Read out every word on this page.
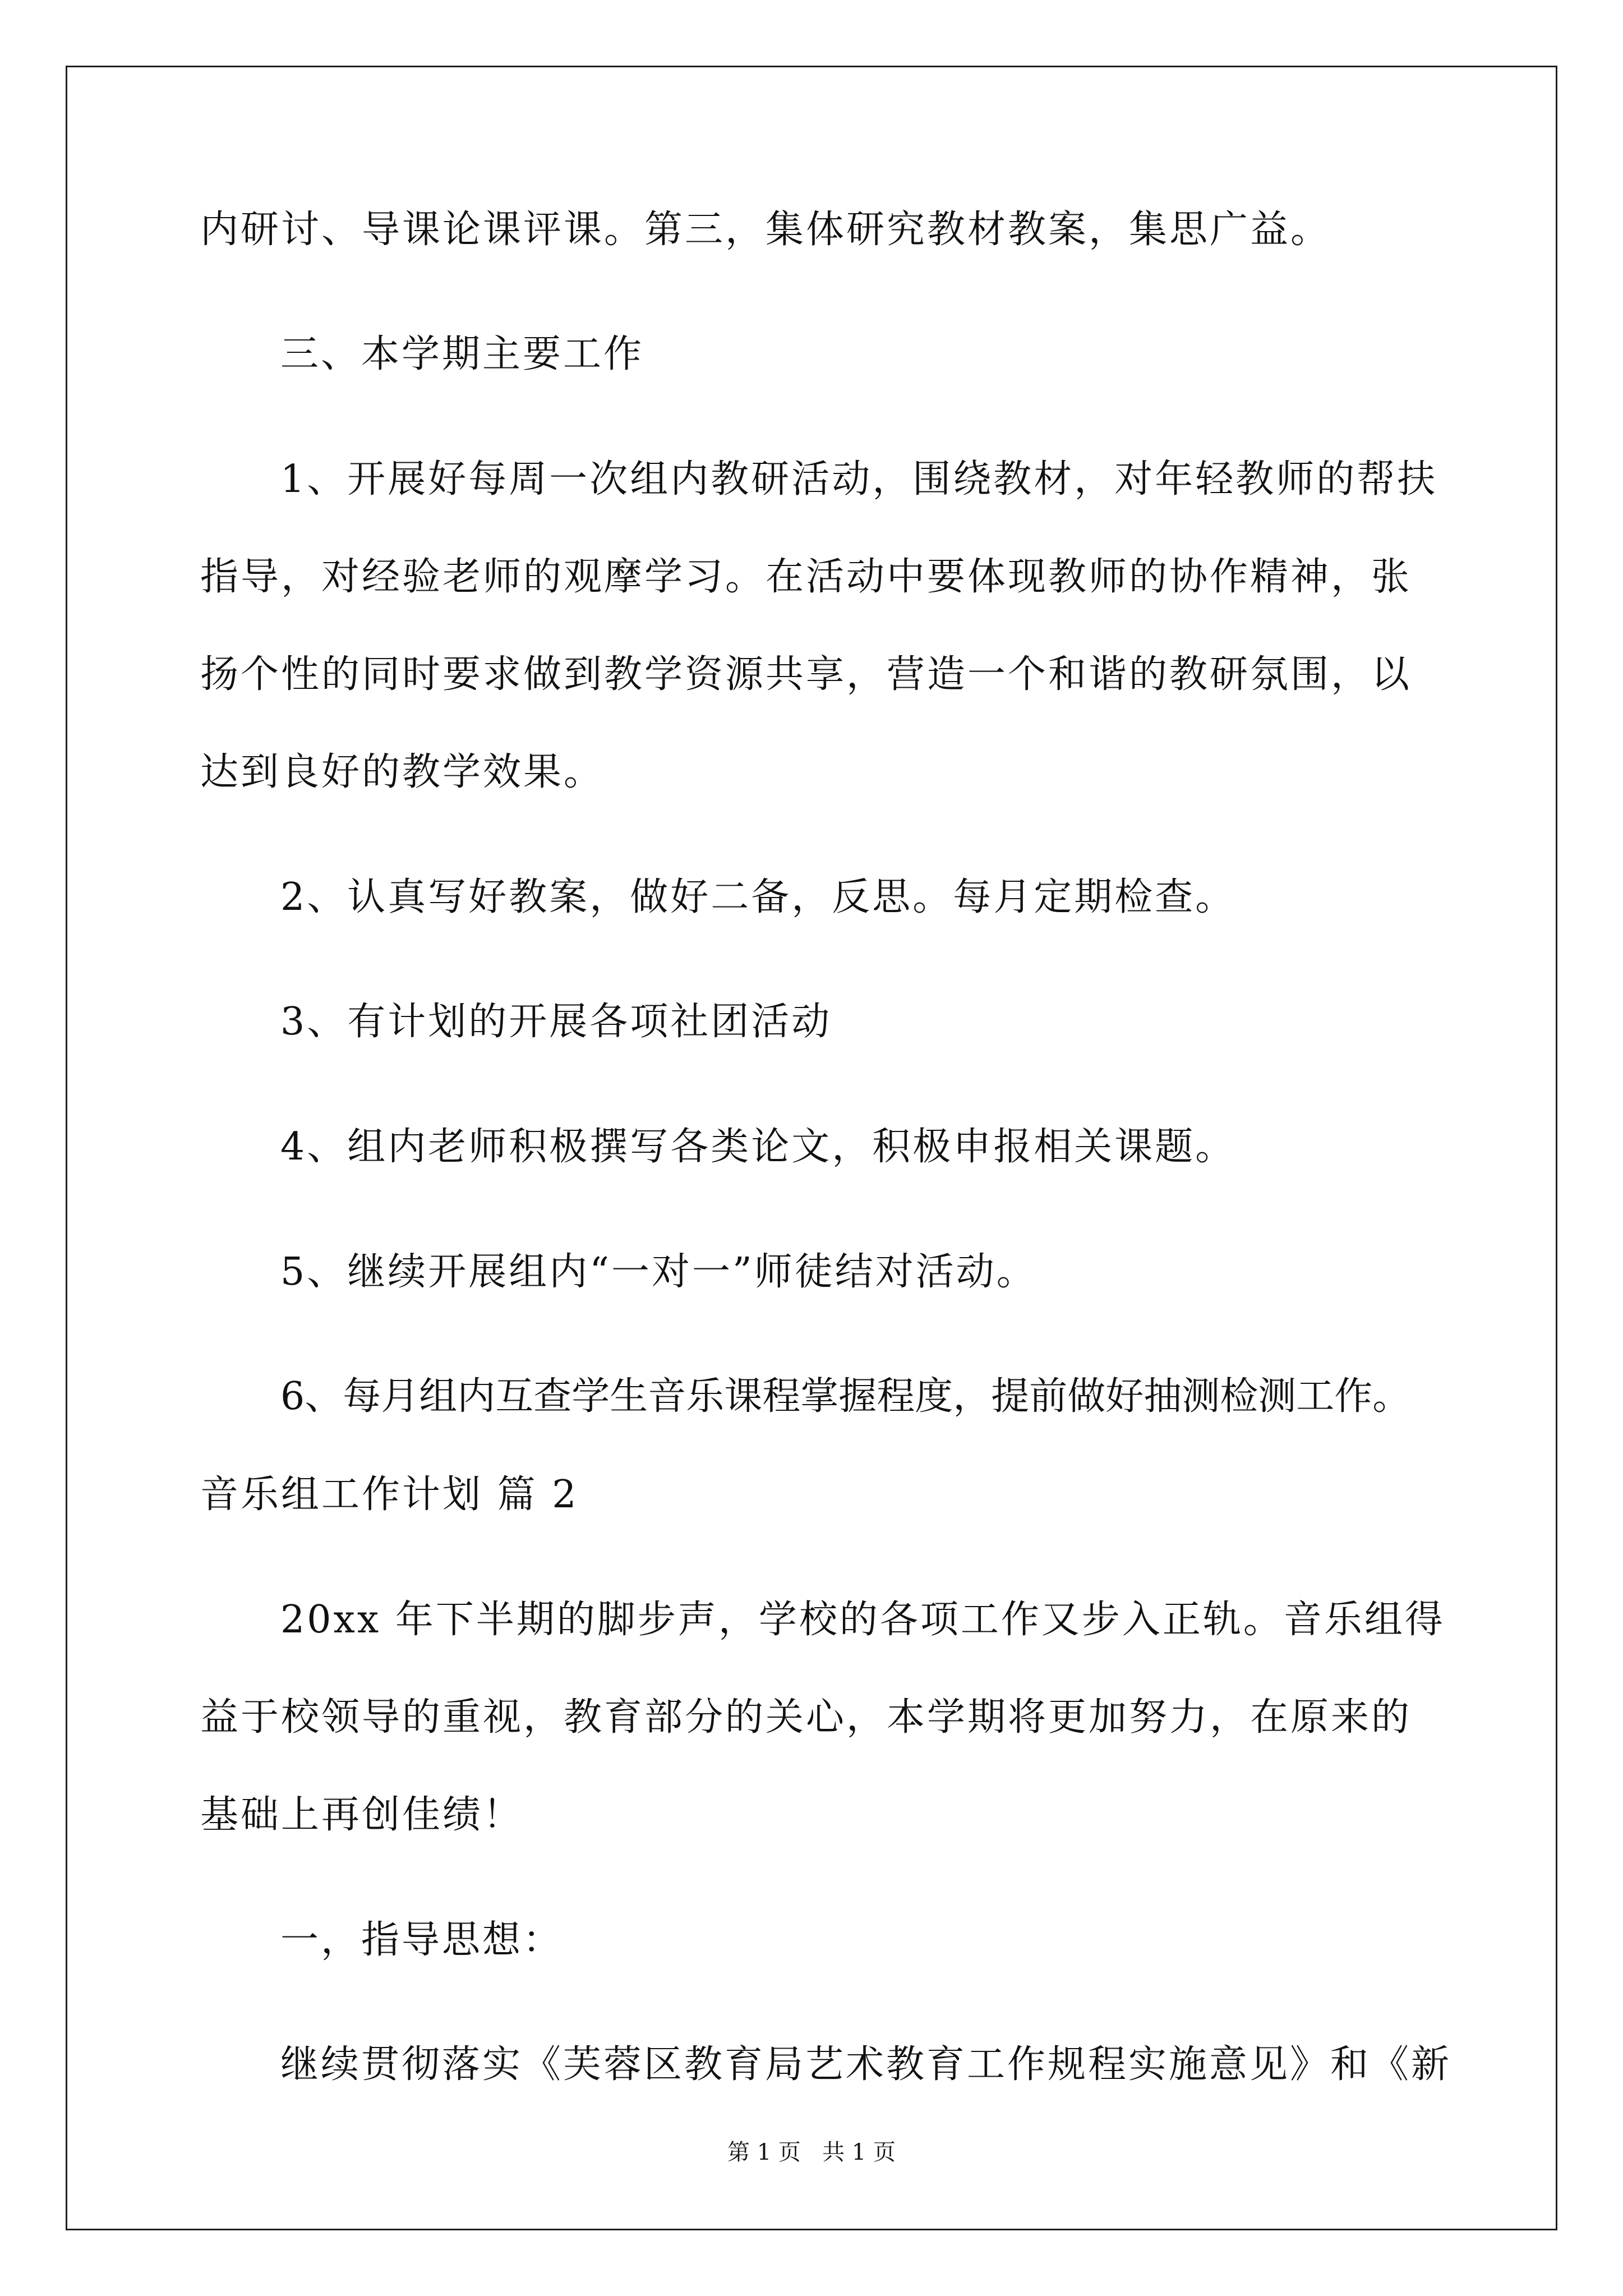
内研讨、导课论课评课。第三，集体研究教材教案，集思广益。
三、本学期主要工作
1、开展好每周一次组内教研活动，围绕教材，对年轻教师的帮扶
指导，对经验老师的观摩学习。在活动中要体现教师的协作精神，张
扬个性的同时要求做到教学资源共享，营造一个和谐的教研氛围，以
达到良好的教学效果。
2、认真写好教案，做好二备，反思。每月定期检查。
3、有计划的开展各项社团活动
4、组内老师积极撰写各类论文，积极申报相关课题。
5、继续开展组内“一对一”师徒结对活动。
6、每月组内互查学生音乐课程掌握程度，提前做好抽测检测工作。
音乐组工作计划 篇 2
20xx 年下半期的脚步声，学校的各项工作又步入正轨。音乐组得
益于校领导的重视，教育部分的关心，本学期将更加努力，在原来的
基础上再创佳绩！
一，指导思想：
继续贯彻落实《芙蓉区教育局艺术教育工作规程实施意见》和《新
第 1 页   共 1 页
